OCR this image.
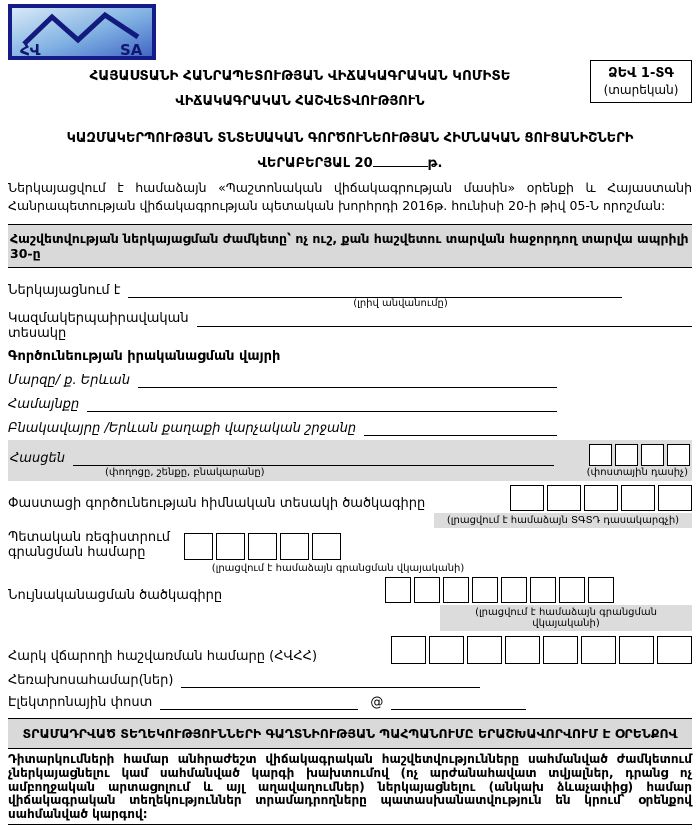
ՀՎ	SA
ՁԵՎ 1-ՏԳ
(տարեկան)
ՀԱՅԱՍՏԱՆԻ ՀԱՆՐԱՊԵՏՈՒԹՅԱՆ ՎԻՃԱԿԱԳՐԱԿԱՆ ԿՈՄԻՏԵ
ՎԻՃԱԿԱԳՐԱԿԱՆ ՀԱՇՎԵՏՎՈՒԹՅՈՒՆ
ԿԱԶՄԱԿԵՐՊՈՒԹՅԱՆ ՏՆՏԵՍԱԿԱՆ ԳՈՐԾՈՒՆԵՈՒԹՅԱՆ ՀԻՄՆԱԿԱՆ ՑՈՒՑԱՆԻՇՆԵՐԻ
ՎԵՐԱԲԵՐՅԱԼ 20	թ.

Ներկայացվում է համաձայն «Պաշտոնական վիճակագրության մասին» օրենքի և Հայաստանի Հանրապետության վիճակագրության պետական խորհրդի 2016թ. հունիսի 20-ի թիվ 05-Ն որոշման:

Հաշվետվության ներկայացման ժամկետը՝ ոչ ուշ, քան հաշվետու տարվան հաջորդող տարվա ապրիլի 30-ը
Ներկայացնում է
(լրիվ անվանումը)
Կազմակերպաիրավական
տեսակը
Գործունեության իրականացման վայրի
Մարզը/ ք. Երևան
Համայնքը
Բնակավայրը /Երևան քաղաքի վարչական շրջանը
Հասցեն
(փողոցը, շենքը, բնակարանը)	(փոստային դասիչ)
Փաստացի գործունեության հիմնական տեսակի ծածկագիրը
(լրացվում է համաձայն ՏԳՏԴ դասակարգչի)
Պետական ռեգիստրում
գրանցման համարը
(լրացվում է համաձայն գրանցման վկայականի)
Նույնականացման ծածկագիրը
(լրացվում է համաձայն գրանցման վկայականի)
Հարկ վճարողի հաշվառման համարը (ՀՎՀՀ)
Հեռախոսահամար(ներ)
Էլեկտրոնային փոստ	@
ՏՐԱՄԱԴՐՎԱԾ ՏԵՂԵԿՈՒԹՅՈՒՆՆԵՐԻ ԳԱՂՏՆԻՈՒԹՅԱՆ ՊԱՀՊԱՆՈՒՄԸ ԵՐԱՇԽԱՎՈՐՎՈՒՄ Է ՕՐԵՆՔՈՎ

Դիտարկումների համար անհրաժեշտ վիճակագրական հաշվետվությունները սահմանված ժամկետում չներկայացնելու կամ սահմանված կարգի խախտումով (ոչ արժանահավատ տվյալներ, դրանց ոչ ամբողջական արտացոլում և այլ աղավաղումներ) ներկայացնելու (անկախ ձևաչափից) համար վիճակագրական տեղեկություններ տրամադրողները պատասխանատվություն են կրում՝ օրենքով սահմանված կարգով:
